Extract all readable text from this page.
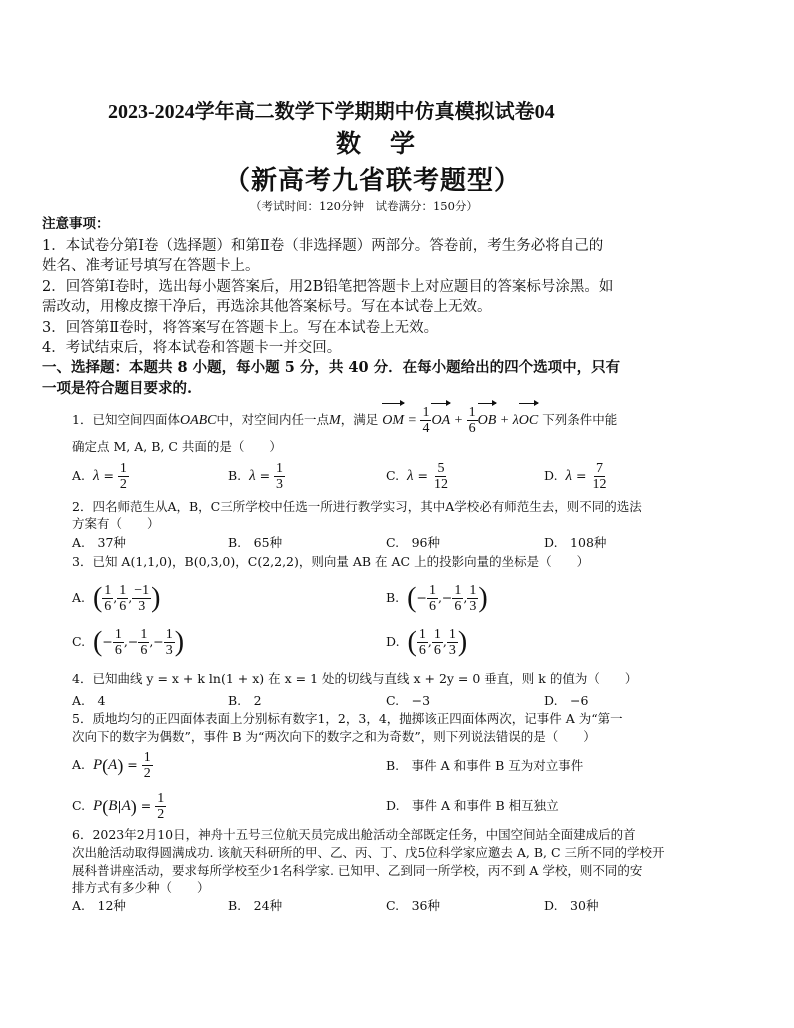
2023-2024学年高二数学下学期期中仿真模拟试卷04
数　学
（新高考九省联考题型）
（考试时间：120分钟　试卷满分：150分）
注意事项：
1．本试卷分第Ⅰ卷（选择题）和第Ⅱ卷（非选择题）两部分。答卷前，考生务必将自己的
姓名、准考证号填写在答题卡上。
2．回答第Ⅰ卷时，选出每小题答案后，用2B铅笔把答题卡上对应题目的答案标号涂黑。如
需改动，用橡皮擦干净后，再选涂其他答案标号。写在本试卷上无效。
3．回答第Ⅱ卷时，将答案写在答题卡上。写在本试卷上无效。
4．考试结束后，将本试卷和答题卡一并交回。
一、选择题：本题共 8 小题，每小题 5 分，共 40 分．在每小题给出的四个选项中，只有
一项是符合题目要求的.
1．已知空间四面体OABC中，对空间内任一点M，满足 OM = $\frac{1}{4}$ OA + $\frac{1}{6}$ OB + λOC 下列条件中能
确定点 M, A, B, C 共面的是（　　）
A. $\lambda = \frac{1}{2}$	B. $\lambda = \frac{1}{3}$	C. $\lambda = \frac{5}{12}$	D. $\lambda = \frac{7}{12}$
2．四名师范生从A，B，C三所学校中任选一所进行教学实习，其中A学校必有师范生去，则不同的选法
方案有（　　）
A.　37种	B.　65种	C.　96种	D.　108种
3．已知 A(1,1,0)，B(0,3,0)，C(2,2,2)，则向量 AB 在 AC 上的投影向量的坐标是（　　）
A. ( $\frac{1}{6}$ , $\frac{1}{6}$ , $\frac{-1}{3}$ )	B. (− $\frac{1}{6}$ ,− $\frac{1}{6}$ , $\frac{1}{3}$ )
C. (− $\frac{1}{6}$ ,− $\frac{1}{6}$ ,− $\frac{1}{3}$ )	D. ( $\frac{1}{6}$ , $\frac{1}{6}$ , $\frac{1}{3}$ )
4．已知曲线 y = x + k ln(1 + x) 在 x = 1 处的切线与直线 x + 2y = 0 垂直，则 k 的值为（　　）
A.　4	B.　2	C.　−3	D.　−6
5．质地均匀的正四面体表面上分别标有数字1，2，3，4，抛掷该正四面体两次，记事件 A 为“第一
次向下的数字为偶数”，事件 B 为“两次向下的数字之和为奇数”，则下列说法错误的是（　　）
A. $P(A) = \frac{1}{2}$	B.　事件 A 和事件 B 互为对立事件
C. $P(B|A) = \frac{1}{2}$	D.　事件 A 和事件 B 相互独立
6．2023年2月10日，神舟十五号三位航天员完成出舱活动全部既定任务，中国空间站全面建成后的首
次出舱活动取得圆满成功. 该航天科研所的甲、乙、丙、丁、戊5位科学家应邀去 A, B, C 三所不同的学校开
展科普讲座活动，要求每所学校至少1名科学家. 已知甲、乙到同一所学校，丙不到 A 学校，则不同的安
排方式有多少种（　　）
A.　12种	B.　24种	C.　36种	D.　30种
